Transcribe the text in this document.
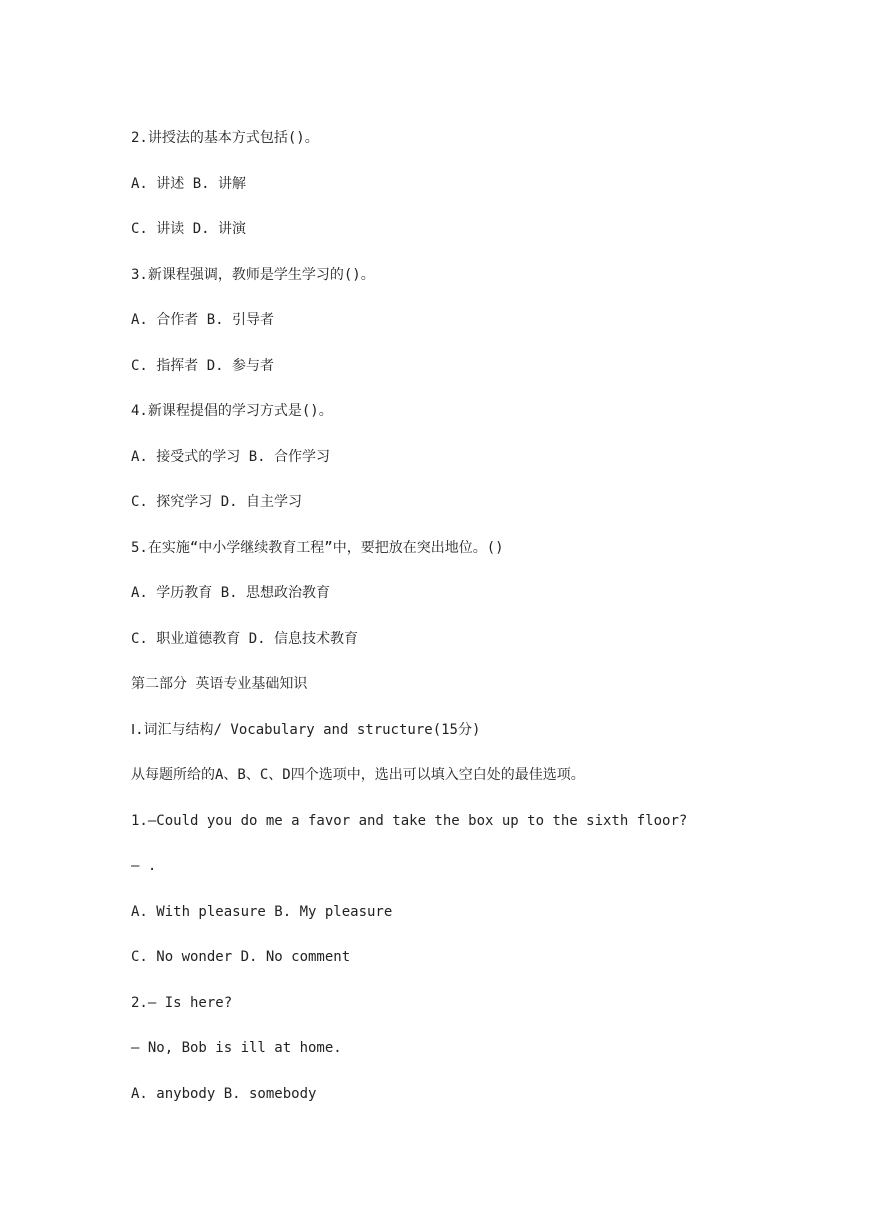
2.讲授法的基本方式包括()。

A. 讲述 B. 讲解

C. 讲读 D. 讲演

3.新课程强调，教师是学生学习的()。

A. 合作者 B. 引导者

C. 指挥者 D. 参与者

4.新课程提倡的学习方式是()。

A. 接受式的学习 B. 合作学习

C. 探究学习 D. 自主学习

5.在实施“中小学继续教育工程”中，要把放在突出地位。()

A. 学历教育 B. 思想政治教育

C. 职业道德教育 D. 信息技术教育

第二部分 英语专业基础知识

Ⅰ.词汇与结构/ Vocabulary and structure(15分)

从每题所给的A、B、C、D四个选项中，选出可以填入空白处的最佳选项。

1.—Could you do me a favor and take the box up to the sixth floor?

— .

A. With pleasure B. My pleasure

C. No wonder D. No comment

2.— Is here?

— No, Bob is ill at home.

A. anybody B. somebody
